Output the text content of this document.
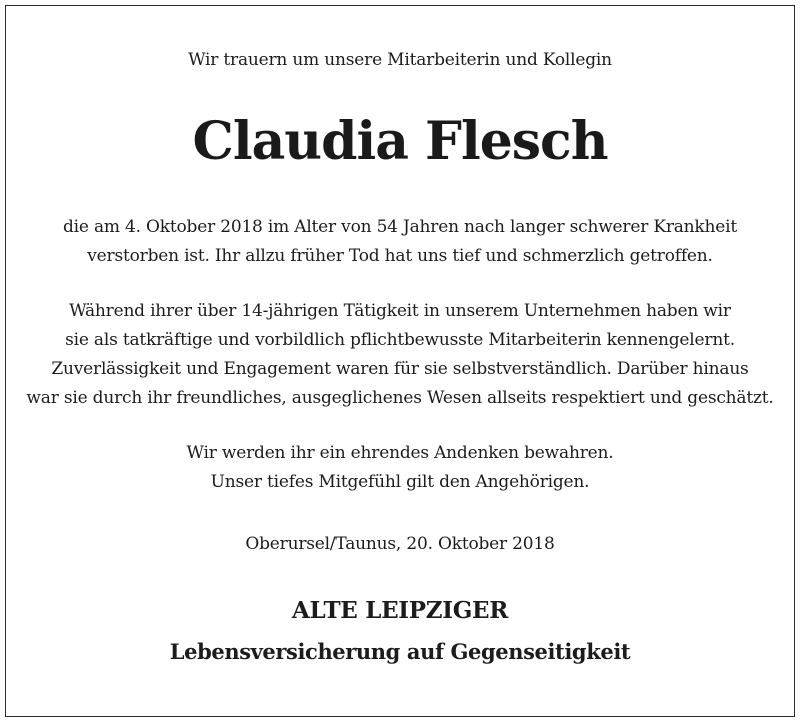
Wir trauern um unsere Mitarbeiterin und Kollegin
Claudia Flesch
die am 4. Oktober 2018 im Alter von 54 Jahren nach langer schwerer Krankheit
verstorben ist. Ihr allzu früher Tod hat uns tief und schmerzlich getroffen.
Während ihrer über 14-jährigen Tätigkeit in unserem Unternehmen haben wir
sie als tatkräftige und vorbildlich pflichtbewusste Mitarbeiterin kennengelernt.
Zuverlässigkeit und Engagement waren für sie selbstverständlich. Darüber hinaus
war sie durch ihr freundliches, ausgeglichenes Wesen allseits respektiert und geschätzt.
Wir werden ihr ein ehrendes Andenken bewahren.
Unser tiefes Mitgefühl gilt den Angehörigen.
Oberursel/Taunus, 20. Oktober 2018
ALTE LEIPZIGER
Lebensversicherung auf Gegenseitigkeit
